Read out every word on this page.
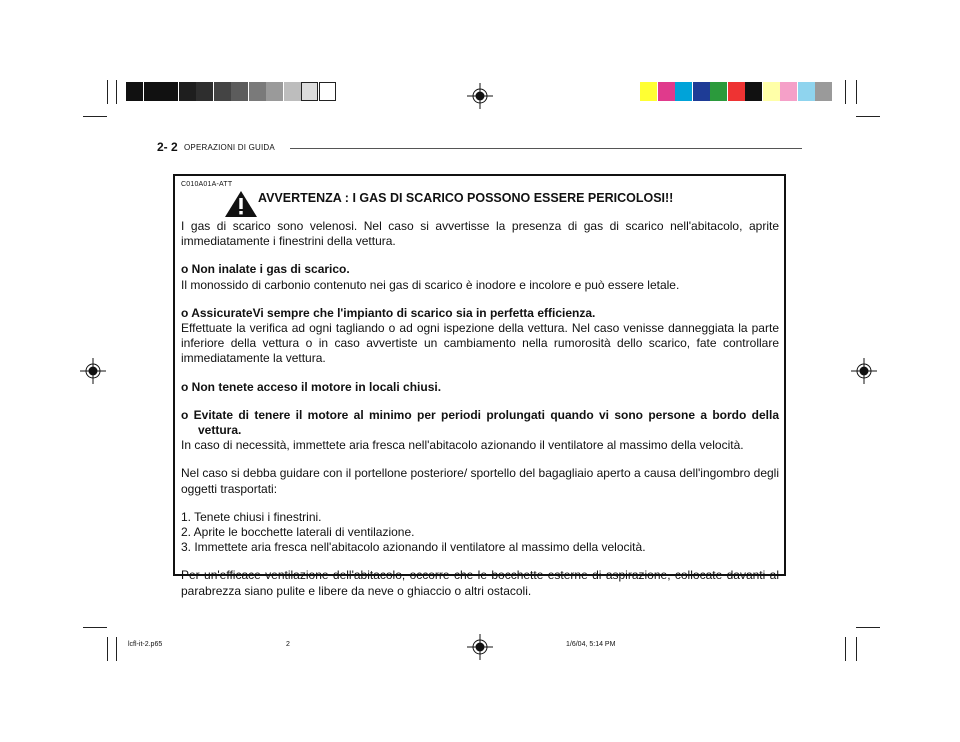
2- 2 OPERAZIONI DI GUIDA
C010A01A-ATT
AVVERTENZA : I GAS DI SCARICO POSSONO ESSERE PERICOLOSI!!

I gas di scarico sono velenosi. Nel caso si avvertisse la presenza di gas di scarico nell'abitacolo, aprite immediatamente i finestrini della vettura.

o Non inalate i gas di scarico.

Il monossido di carbonio contenuto nei gas di scarico è inodore e incolore e può essere letale.

o AssicurateVi sempre che l'impianto di scarico sia in perfetta efficienza.

Effettuate la verifica ad ogni tagliando o ad ogni ispezione della vettura. Nel caso venisse danneggiata la parte inferiore della vettura o in caso avvertiste un cambiamento nella rumorosità dello scarico, fate controllare immediatamente la vettura.

o Non tenete acceso il motore in locali chiusi.

o Evitate di tenere il motore al minimo per periodi prolungati quando vi sono persone a bordo della vettura.

In caso di necessità, immettete aria fresca nell'abitacolo azionando il ventilatore al massimo della velocità.

Nel caso si debba guidare con il portellone posteriore/ sportello del bagagliaio aperto a causa dell'ingombro degli oggetti trasportati:

1. Tenete chiusi i finestrini.

2. Aprite le bocchette laterali di ventilazione.

3. Immettete aria fresca nell'abitacolo azionando il ventilatore al massimo della velocità.

Per un'efficace ventilazione dell'abitacolo, occorre che le bocchette esterne di aspirazione, collocate davanti al parabrezza siano pulite e libere da neve o ghiaccio o altri ostacoli.

lcfl-it-2.p65	2	1/6/04, 5:14 PM
